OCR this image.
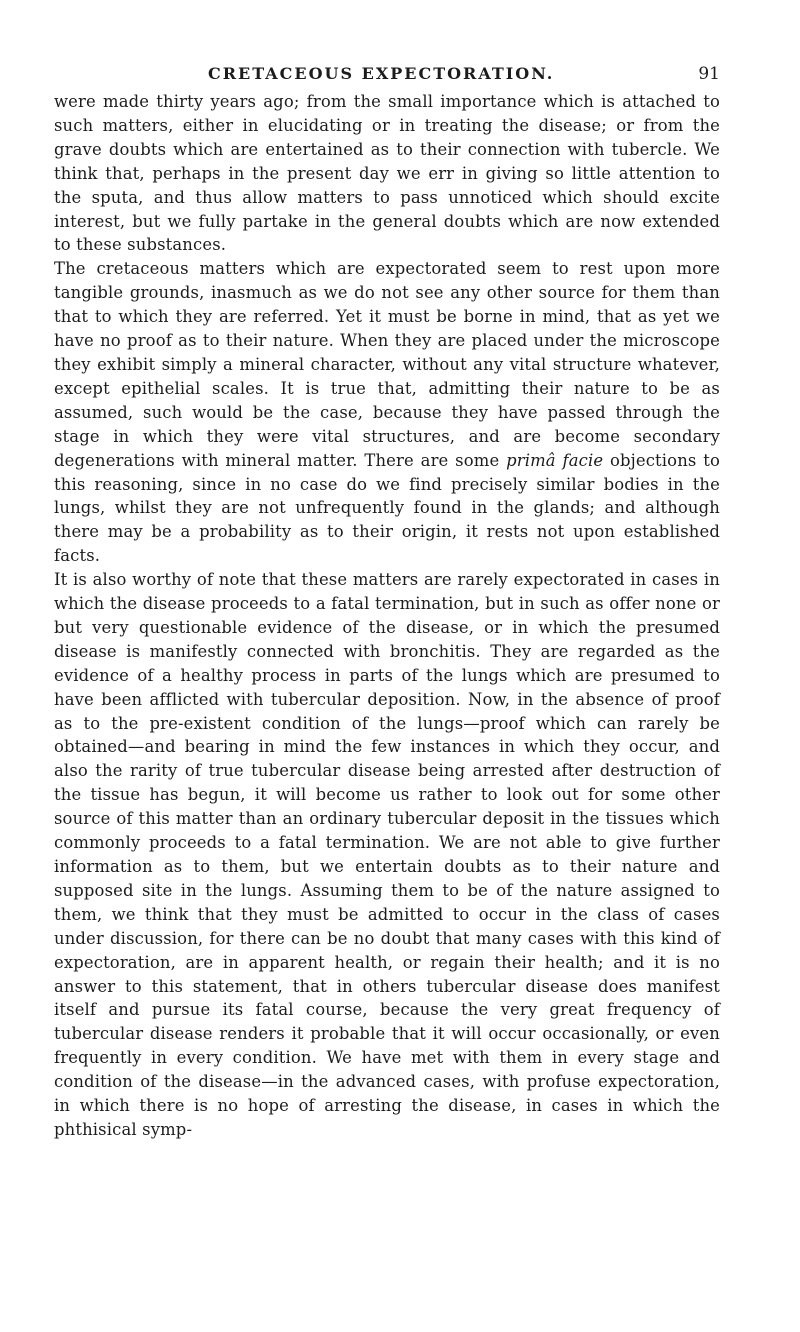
CRETACEOUS EXPECTORATION.	91

were made thirty years ago; from the small importance which is attached to such matters, either in elucidating or in treating the disease; or from the grave doubts which are entertained as to their connection with tubercle. We think that, perhaps in the present day we err in giving so little attention to the sputa, and thus allow matters to pass unnoticed which should excite interest, but we fully partake in the general doubts which are now extended to these substances.

The cretaceous matters which are expectorated seem to rest upon more tangible grounds, inasmuch as we do not see any other source for them than that to which they are referred. Yet it must be borne in mind, that as yet we have no proof as to their nature. When they are placed under the microscope they exhibit simply a mineral character, without any vital structure whatever, except epithelial scales. It is true that, admitting their nature to be as assumed, such would be the case, because they have passed through the stage in which they were vital structures, and are become secondary degenerations with mineral matter. There are some primâ facie objections to this reasoning, since in no case do we find precisely similar bodies in the lungs, whilst they are not unfrequently found in the glands; and although there may be a probability as to their origin, it rests not upon established facts.

It is also worthy of note that these matters are rarely expectorated in cases in which the disease proceeds to a fatal termination, but in such as offer none or but very questionable evidence of the disease, or in which the presumed disease is manifestly connected with bronchitis. They are regarded as the evidence of a healthy process in parts of the lungs which are presumed to have been afflicted with tubercular deposition. Now, in the absence of proof as to the pre-existent condition of the lungs—proof which can rarely be obtained—and bearing in mind the few instances in which they occur, and also the rarity of true tubercular disease being arrested after destruction of the tissue has begun, it will become us rather to look out for some other source of this matter than an ordinary tubercular deposit in the tissues which commonly proceeds to a fatal termination. We are not able to give further information as to them, but we entertain doubts as to their nature and supposed site in the lungs. Assuming them to be of the nature assigned to them, we think that they must be admitted to occur in the class of cases under discussion, for there can be no doubt that many cases with this kind of expectoration, are in apparent health, or regain their health; and it is no answer to this statement, that in others tubercular disease does manifest itself and pursue its fatal course, because the very great frequency of tubercular disease renders it probable that it will occur occasionally, or even frequently in every condition. We have met with them in every stage and condition of the disease—in the advanced cases, with profuse expectoration, in which there is no hope of arresting the disease, in cases in which the phthisical symp-
